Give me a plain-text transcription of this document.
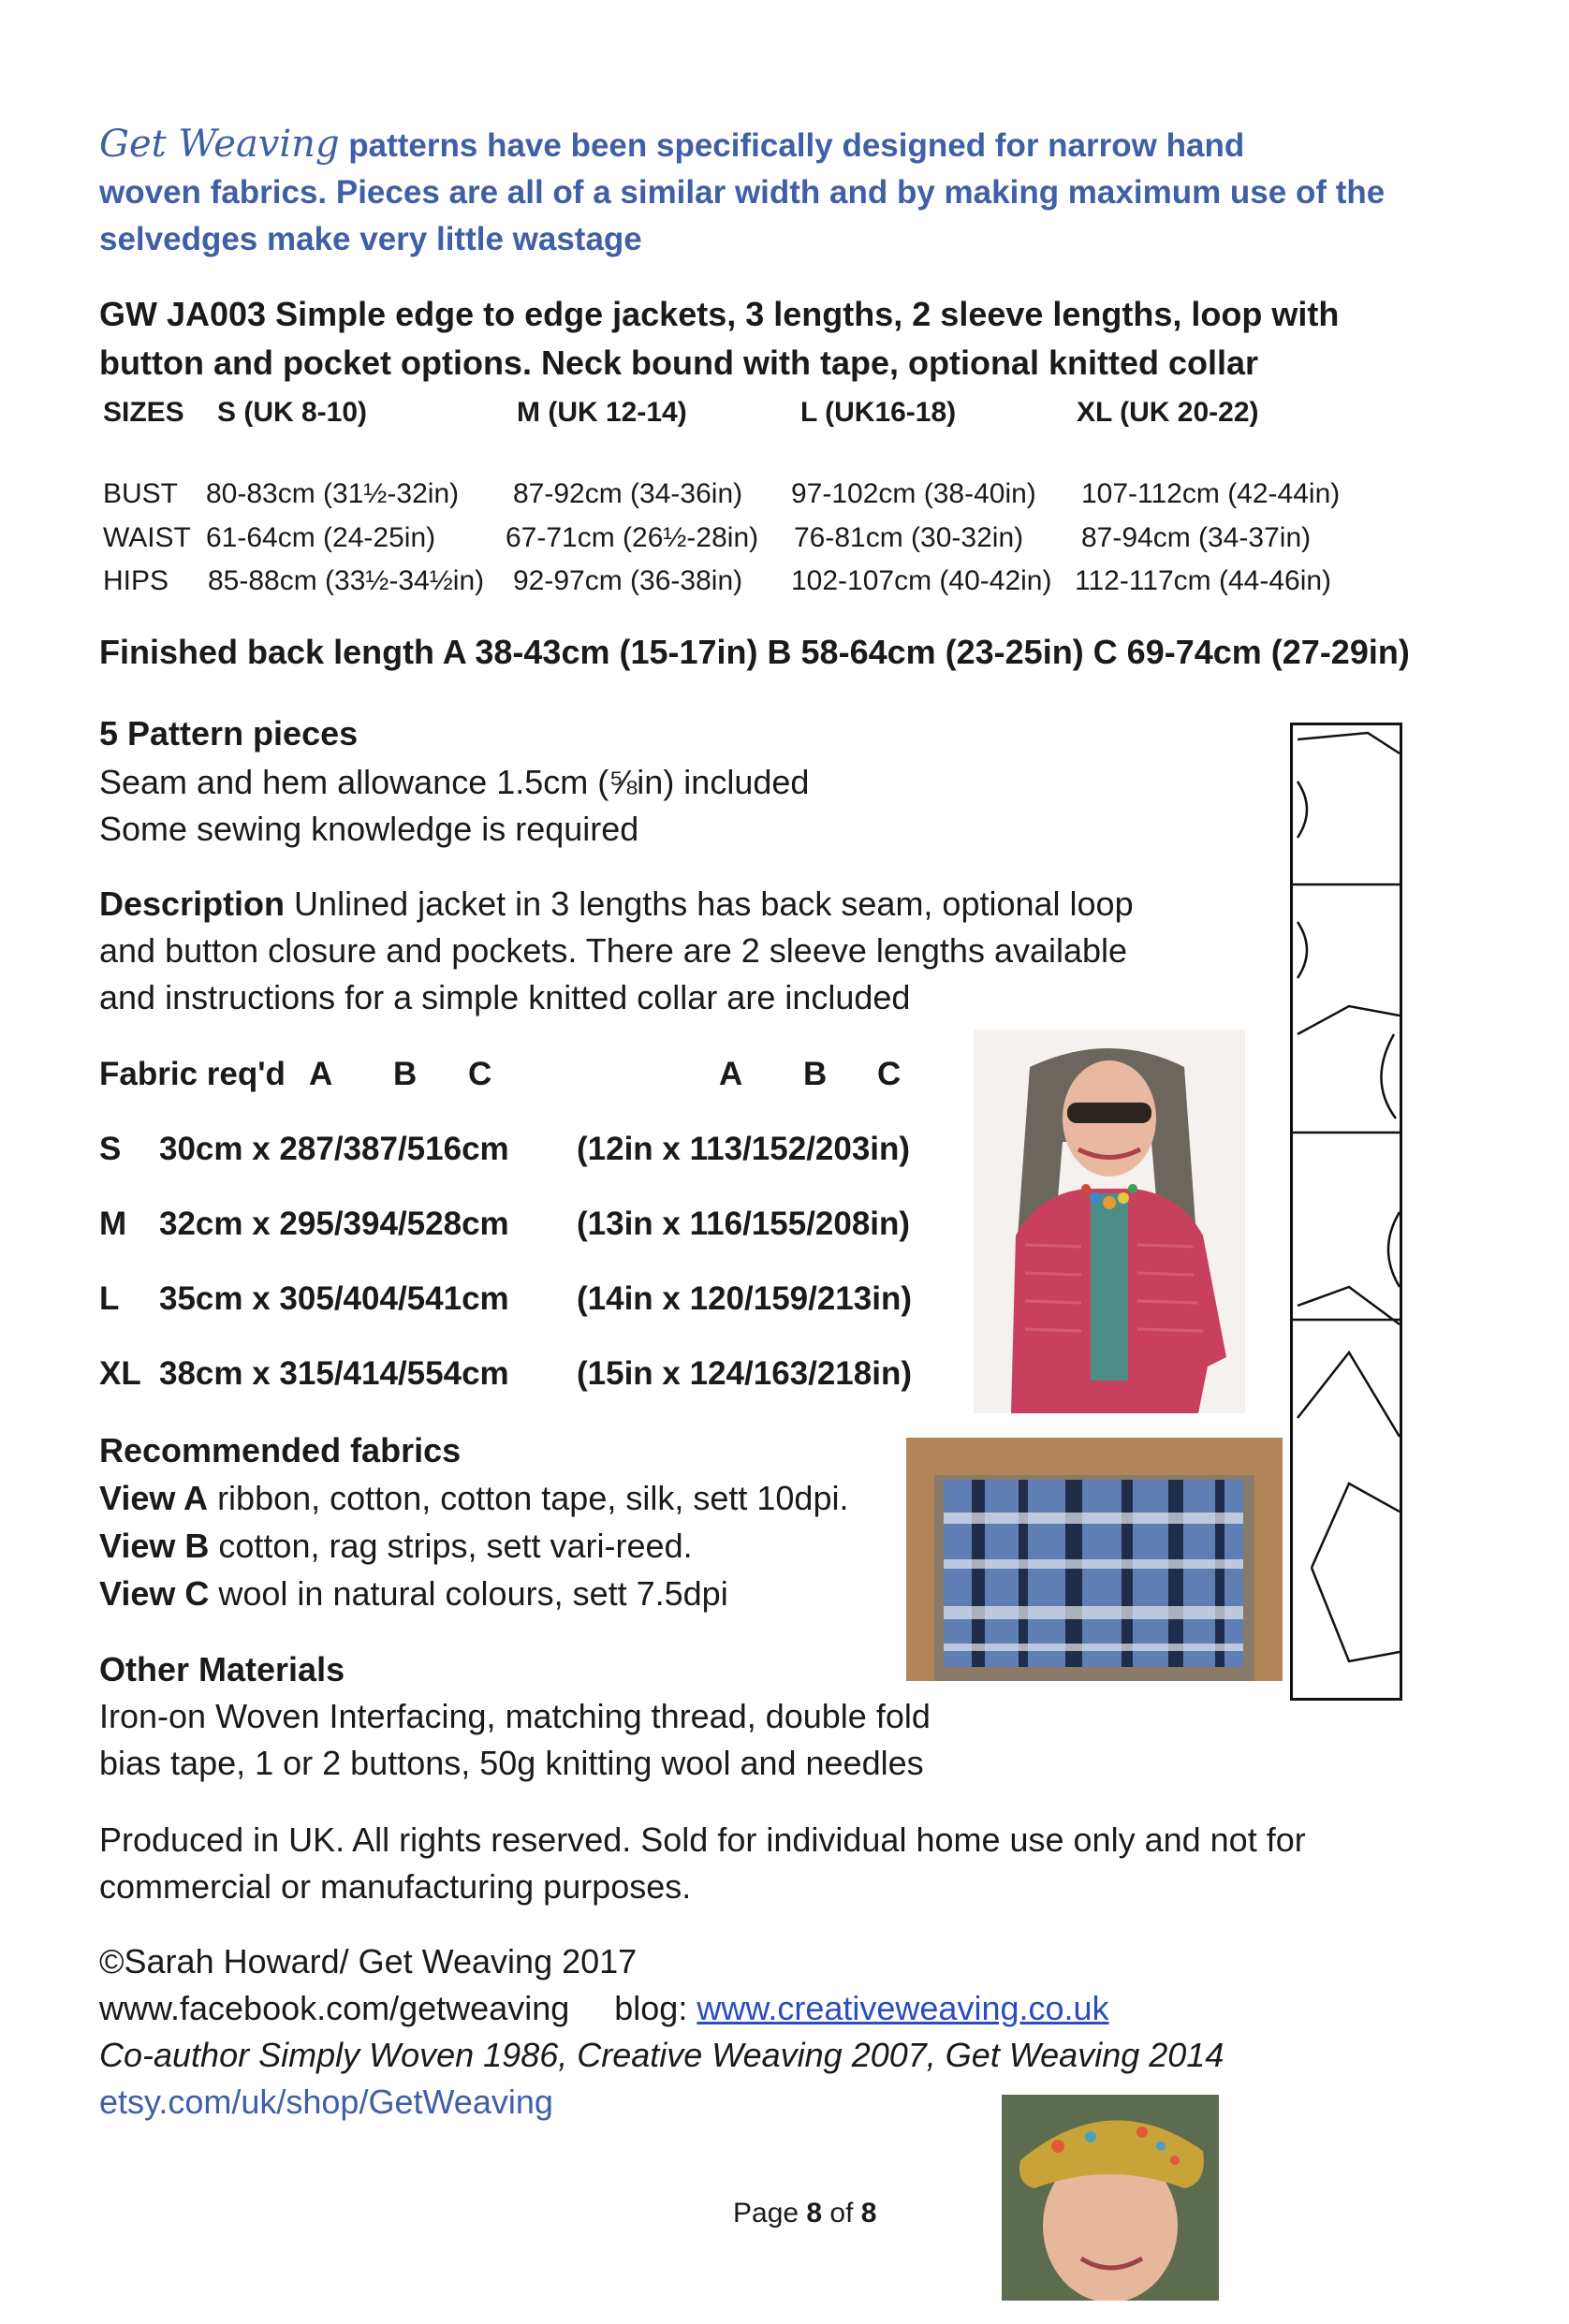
Get Weaving patterns have been specifically designed for narrow hand

woven fabrics. Pieces are all of a similar width and by making maximum use of the

selvedges make very little wastage

GW JA003 Simple edge to edge jackets, 3 lengths, 2 sleeve lengths, loop with

button and pocket options. Neck bound with tape, optional knitted collar

SIZES S (UK 8-10)	M (UK 12-14)	L (UK16-18)	XL (UK 20-22)
BUST 80-83cm (31½-32in) 87-92cm (34-36in) 97-102cm (38-40in) 107-112cm (42-44in)
WAIST 61-64cm (24-25in) 67-71cm (26½-28in) 76-81cm (30-32in) 87-94cm (34-37in)
HIPS 85-88cm (33½-34½in) 92-97cm (36-38in) 102-107cm (40-42in) 112-117cm (44-46in)

Finished back length A 38-43cm (15-17in) B 58-64cm (23-25in) C 69-74cm (27-29in)

5 Pattern pieces

Seam and hem allowance 1.5cm (⅝in) included

Some sewing knowledge is required

Description Unlined jacket in 3 lengths has back seam, optional loop

and button closure and pockets. There are 2 sleeve lengths available

and instructions for a simple knitted collar are included

Fabric req'd A B C	A B C
S 30cm x 287/387/516cm (12in x 113/152/203in)
M 32cm x 295/394/528cm (13in x 116/155/208in)
L 35cm x 305/404/541cm (14in x 120/159/213in)
XL 38cm x 315/414/554cm (15in x 124/163/218in)

Recommended fabrics

View A ribbon, cotton, cotton tape, silk, sett 10dpi.

View B cotton, rag strips, sett vari-reed.

View C wool in natural colours, sett 7.5dpi

Other Materials

Iron-on Woven Interfacing, matching thread, double fold

bias tape, 1 or 2 buttons, 50g knitting wool and needles

Produced in UK. All rights reserved. Sold for individual home use only and not for

commercial or manufacturing purposes.

©Sarah Howard/ Get Weaving 2017

www.facebook.com/getweaving blog: www.creativeweaving.co.uk

Co-author Simply Woven 1986, Creative Weaving 2007, Get Weaving 2014

etsy.com/uk/shop/GetWeaving

Page 8 of 8
